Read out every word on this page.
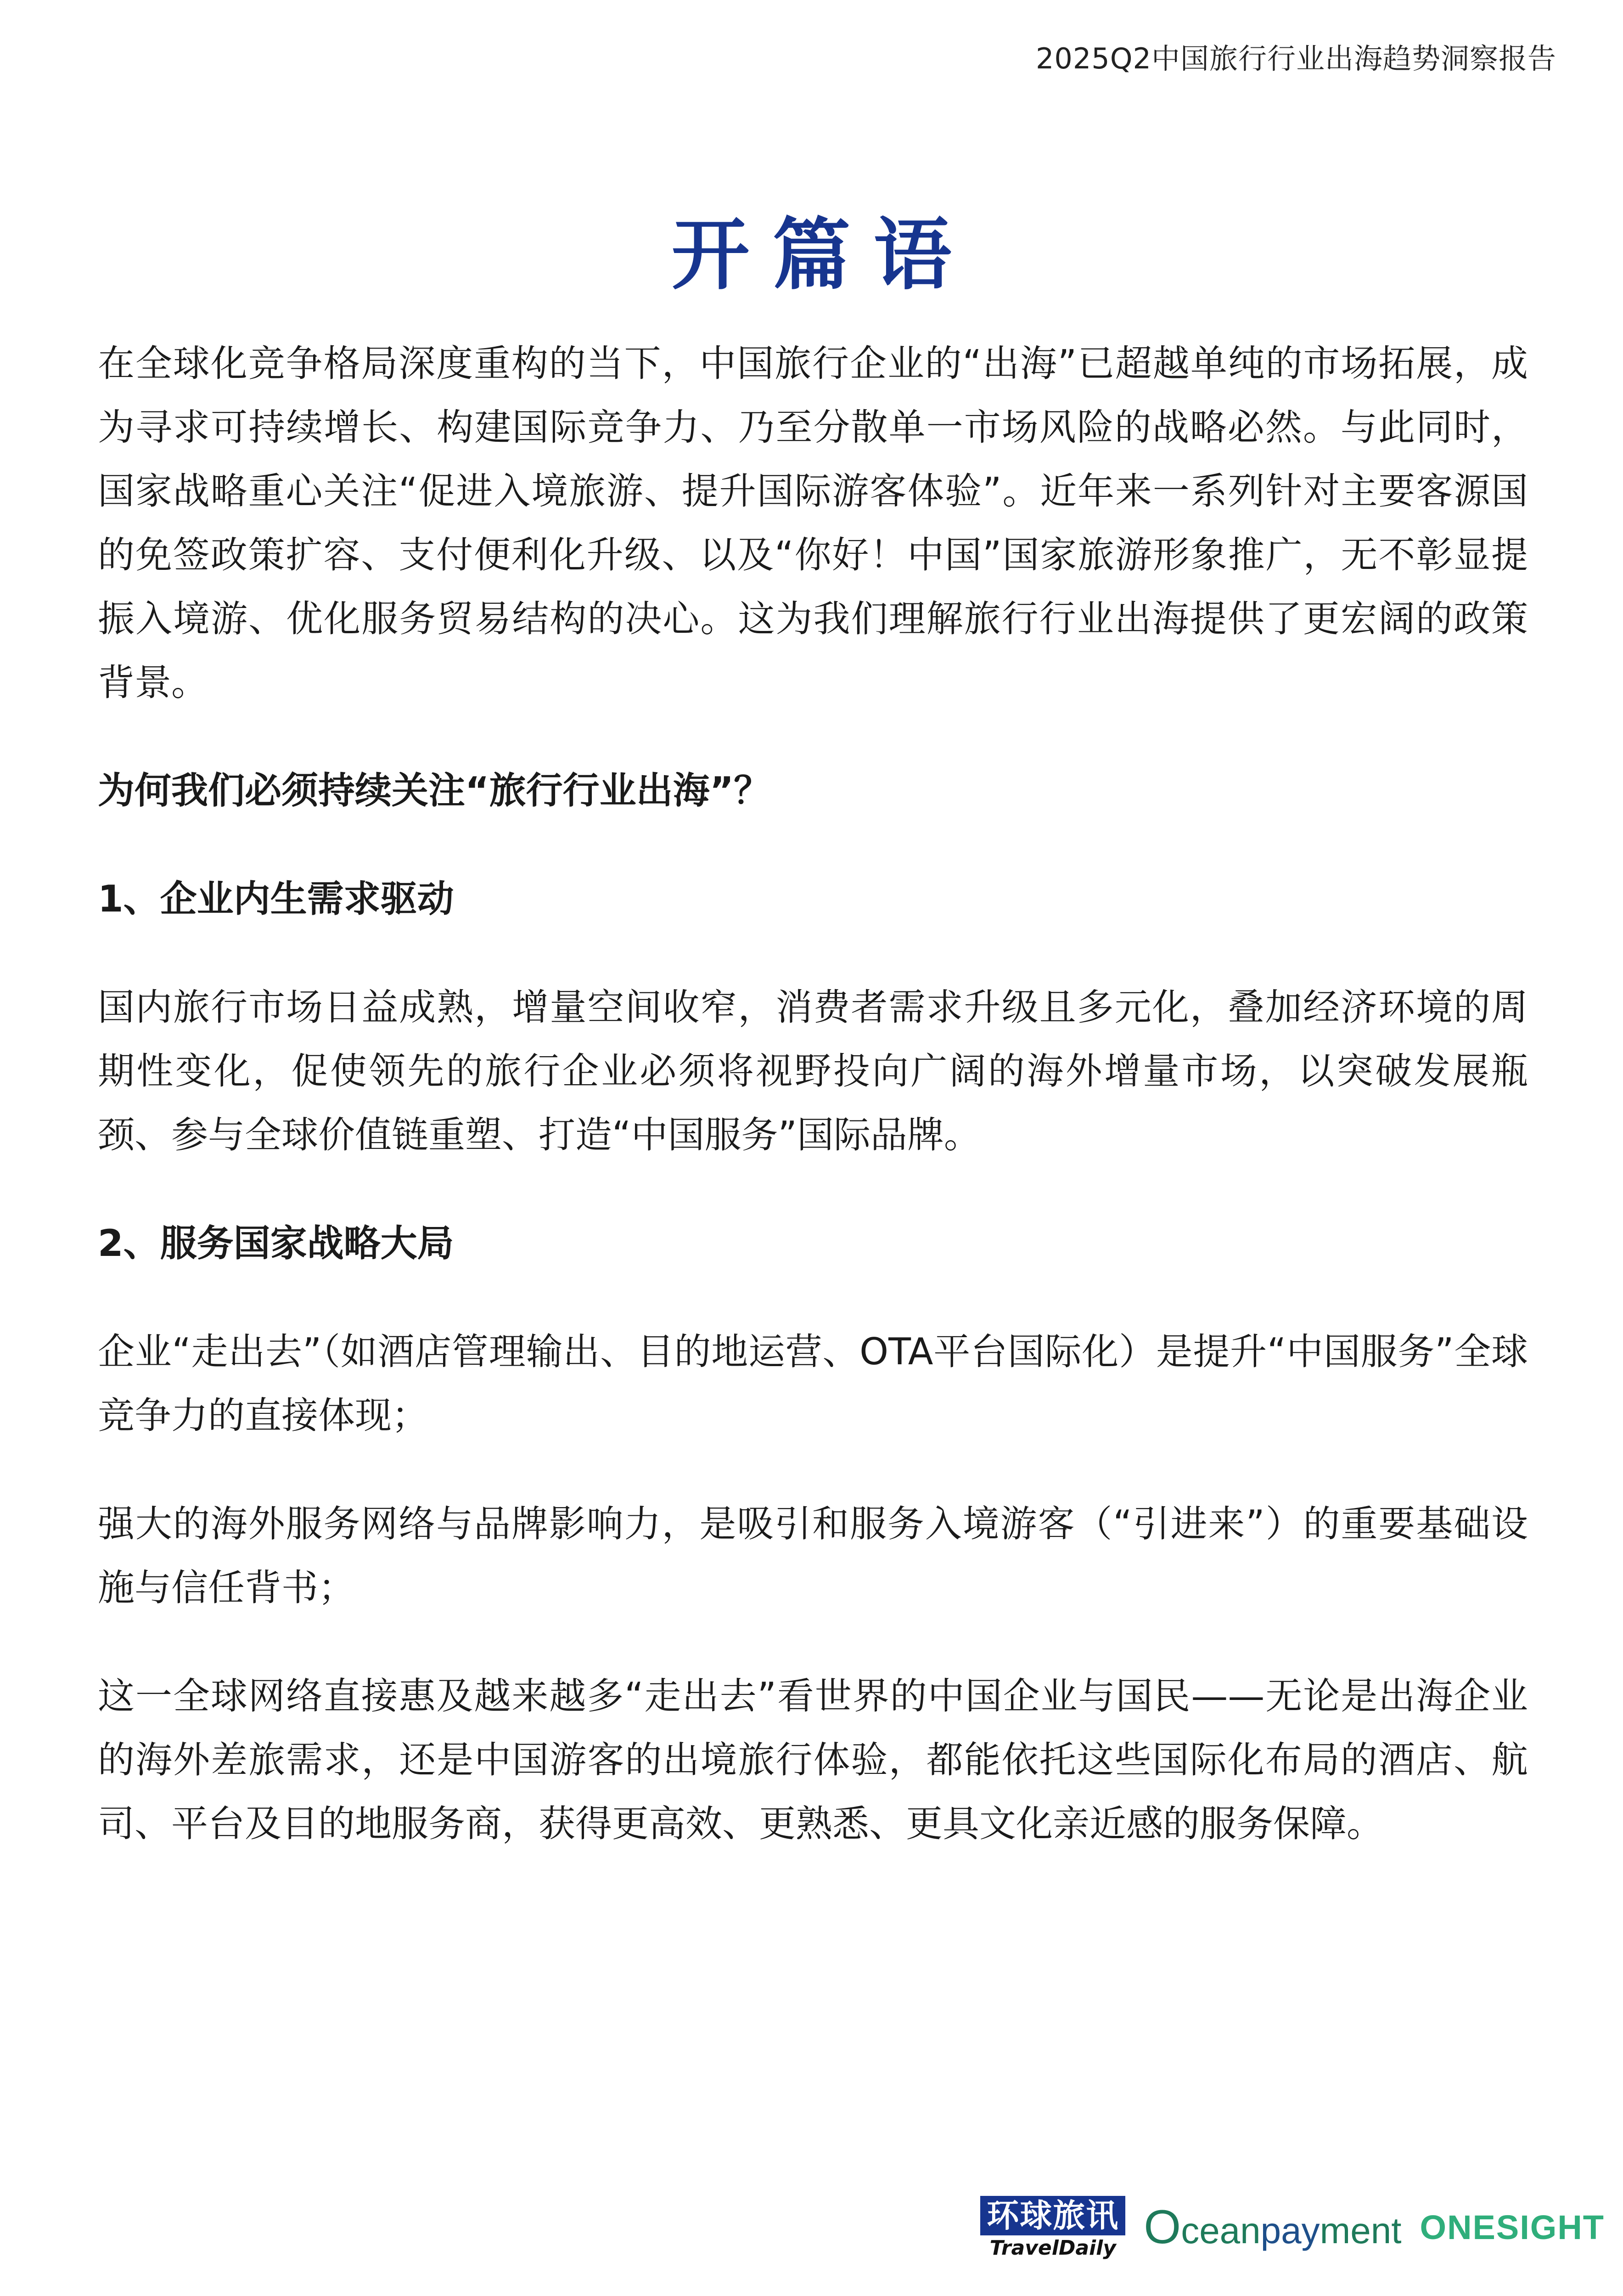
2025Q2中国旅行行业出海趋势洞察报告
开篇语

在全球化竞争格局深度重构的当下，中国旅行企业的“出海”已超越单纯的市场拓展，成为寻求可持续增长、构建国际竞争力、乃至分散单一市场风险的战略必然。与此同时，国家战略重心关注“促进入境旅游、提升国际游客体验”。近年来一系列针对主要客源国的免签政策扩容、支付便利化升级、以及“你好！中国”国家旅游形象推广，无不彰显提振入境游、优化服务贸易结构的决心。这为我们理解旅行行业出海提供了更宏阔的政策背景。

为何我们必须持续关注“旅行行业出海”？

1、企业内生需求驱动

国内旅行市场日益成熟，增量空间收窄，消费者需求升级且多元化，叠加经济环境的周期性变化，促使领先的旅行企业必须将视野投向广阔的海外增量市场，以突破发展瓶颈、参与全球价值链重塑、打造“中国服务”国际品牌。

2、服务国家战略大局

企业“走出去”（如酒店管理输出、目的地运营、OTA平台国际化）是提升“中国服务”全球竞争力的直接体现；

强大的海外服务网络与品牌影响力，是吸引和服务入境游客（“引进来”）的重要基础设施与信任背书；

这一全球网络直接惠及越来越多“走出去”看世界的中国企业与国民——无论是出海企业的海外差旅需求，还是中国游客的出境旅行体验，都能依托这些国际化布局的酒店、航司、平台及目的地服务商，获得更高效、更熟悉、更具文化亲近感的服务保障。

环球旅讯
TravelDaily Oceanpayment ONESIGHT
